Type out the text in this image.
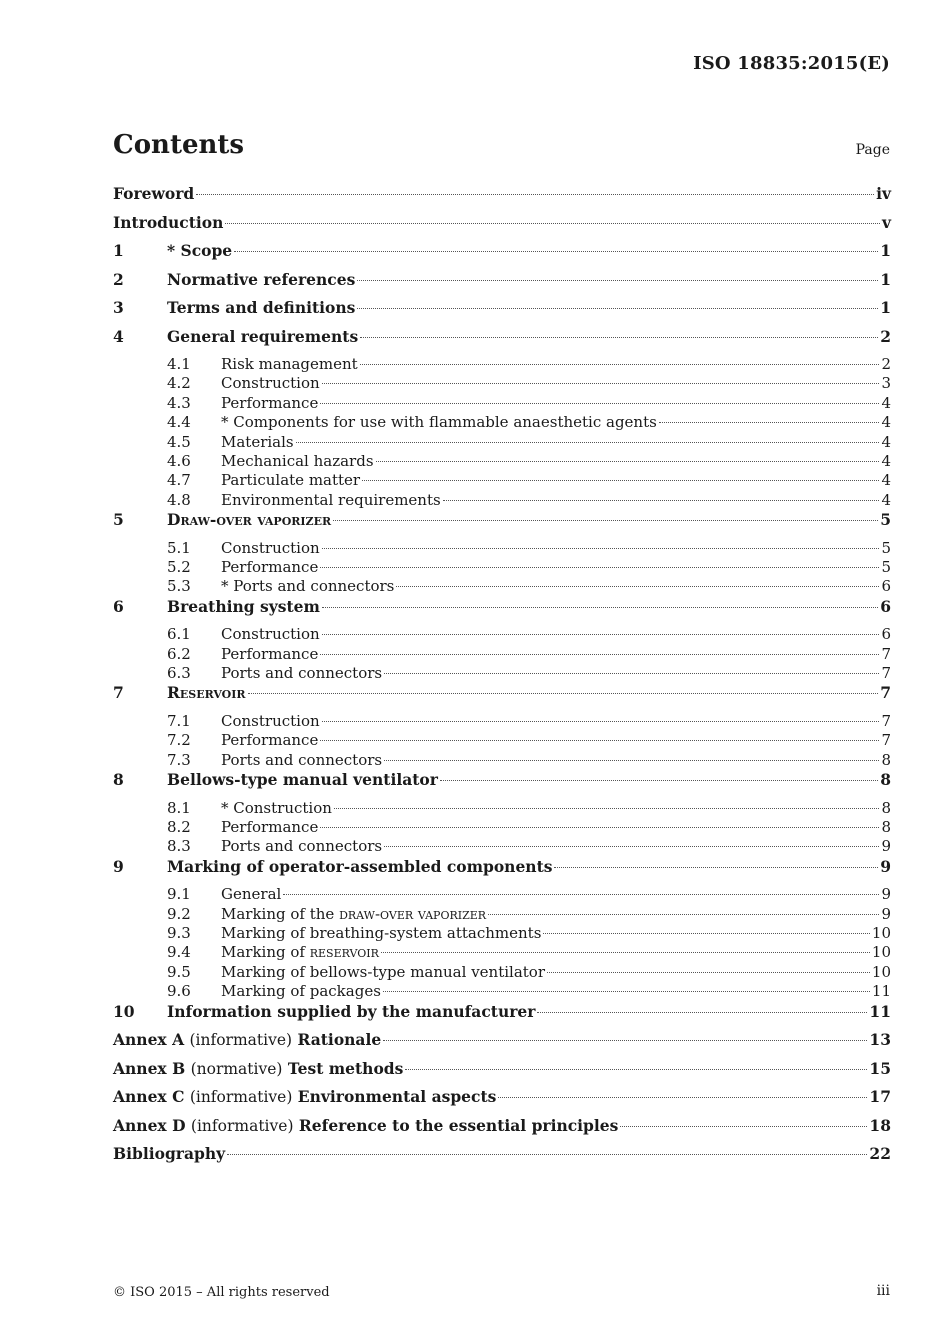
ISO 18835:2015(E)
Contents	Page
Foreword	iv
Introduction	v
1	* Scope	1
2	Normative references	1
3	Terms and definitions	1
4	General requirements	2
4.1	Risk management	2
4.2	Construction	3
4.3	Performance	4
4.4	* Components for use with flammable anaesthetic agents	4
4.5	Materials	4
4.6	Mechanical hazards	4
4.7	Particulate matter	4
4.8	Environmental requirements	4
5	Draw-over vaporizer	5
5.1	Construction	5
5.2	Performance	5
5.3	* Ports and connectors	6
6	Breathing system	6
6.1	Construction	6
6.2	Performance	7
6.3	Ports and connectors	7
7	Reservoir	7
7.1	Construction	7
7.2	Performance	7
7.3	Ports and connectors	8
8	Bellows-type manual ventilator	8
8.1	* Construction	8
8.2	Performance	8
8.3	Ports and connectors	9
9	Marking of operator-assembled components	9
9.1	General	9
9.2	Marking of the draw-over vaporizer	9
9.3	Marking of breathing-system attachments	10
9.4	Marking of reservoir	10
9.5	Marking of bellows-type manual ventilator	10
9.6	Marking of packages	11
10	Information supplied by the manufacturer	11
Annex A (informative) Rationale	13
Annex B (normative) Test methods	15
Annex C (informative) Environmental aspects	17
Annex D (informative) Reference to the essential principles	18
Bibliography	22
© ISO 2015 – All rights reserved	iii
